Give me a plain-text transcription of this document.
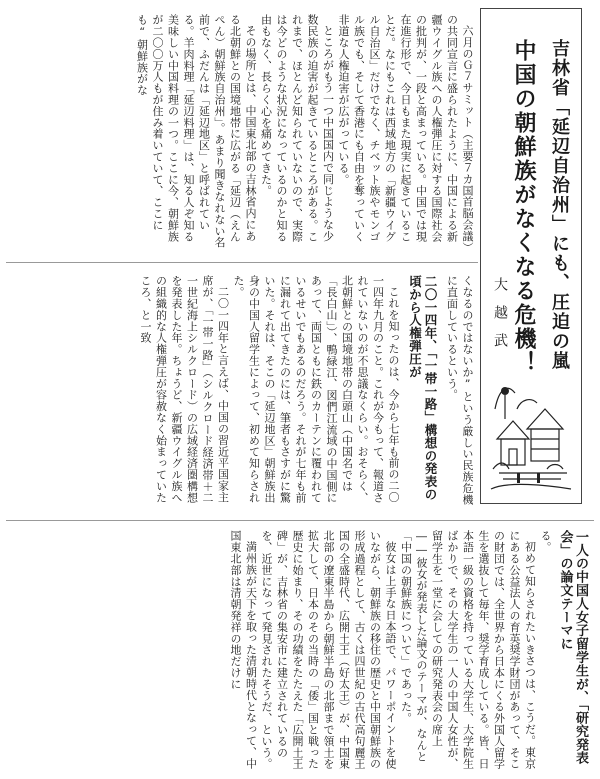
中国の朝鮮族がなくなる危機！ 吉林省「延辺自治州」にも、圧迫の嵐
大越武

六月のＧ７サミット（主要７カ国首脳会議）の共同宣言に盛られたように、中国による新疆ウイグル族への人権弾圧に対する国際社会の批判が、一段と高まっている。中国では現在進行形で、今日もまた現実に起きていることだ。なにもこれは西域地方の「新疆ウイグル自治区」だけでなく、チベット族やモンゴル族でも、そして香港にも自由を奪っていく非道な人権迫害が広がっている。

ところがもう一つ中国国内で同じような少数民族の迫害が起きているところがある。これまで、ほとんど知られていないので、実際は今どのような状況になっているのかと知る由もなく、長らく心を痛めてきた。

その場所とは、中国東北部の吉林省内にある北朝鮮との国境地帯に広がる「延辺（えんぺん）朝鮮族自治州」。あまり聞きなれない名前で、ふだんは「延辺地区」と呼ばれている。羊肉料理「延辺料理」は、知る人ぞ知る美味しい中国料理の一つ。ここに今、朝鮮族が二〇〇万人もが住み着いていて、ここにも“朝鮮族がな

くなるのではないか”という厳しい民族危機に直面しているという。

二〇一四年、「一帯一路」構想の発表の頃から人権弾圧が

これを知ったのは、今から七年も前の二〇一四年九月のこと。これが今もって、報道されていないのが不思議なくらい。おそらく、北朝鮮との国境地帯の白頭山（中国名では「長白山」）、鴨緑江、図們江流域の中国側にあって、両国ともに鉄のカーテンに覆われているせいでもあるのだろう。それが七年も前に漏れて出てきたのには、筆者もさすがに驚いた。それは、そこの「延辺地区」朝鮮族出身の中国人留学生によって、初めて知らされた。

二〇一四年と言えば、中国の習近平国家主席が、「一帯一路」（シルクロード経済帯＋二一世紀海上シルクロード）の広域経済圏構想を発表した年。ちょうど、新疆ウイグル族への組織的な人権弾圧が容赦なく始まっていたころ、と一致

一人の中国人女子留学生が、「研究発表会」の論文テーマに

る。

初めて知らされたいきさつは、こうだ。東京にある公益法人の育英奨学財団があって、そこの財団では、全世界から日本にくる外国人留学生を選抜して毎年、奨学育成している。皆、日本語一級の資格を持っている大学生、大学院生ばかりで、その大学生の一人の中国人女性が、留学生を一堂に会しての研究発表会の席上――彼女が発表した論文のテーマが、なんと「中国の朝鮮族について」であった。

彼女は上手な日本語で、パワーポイントを使いながら、朝鮮族の移住の歴史と中国朝鮮族の形成過程として、古くは四世紀の古代高句麗王国の全盛時代、広開土王（好太王）が、中国東北部の遼東半島から朝鮮半島の北部まで領土を拡大して、日本のその当時の「倭」国と戦った歴史に始まり、その功績をたたえた「広開土王碑」が、吉林省の集安市に建立されているのを、近世になって発見されたそうだ、という。

満州族が天下を取った清朝時代となって、中国東北部は清朝発祥の地だけに
